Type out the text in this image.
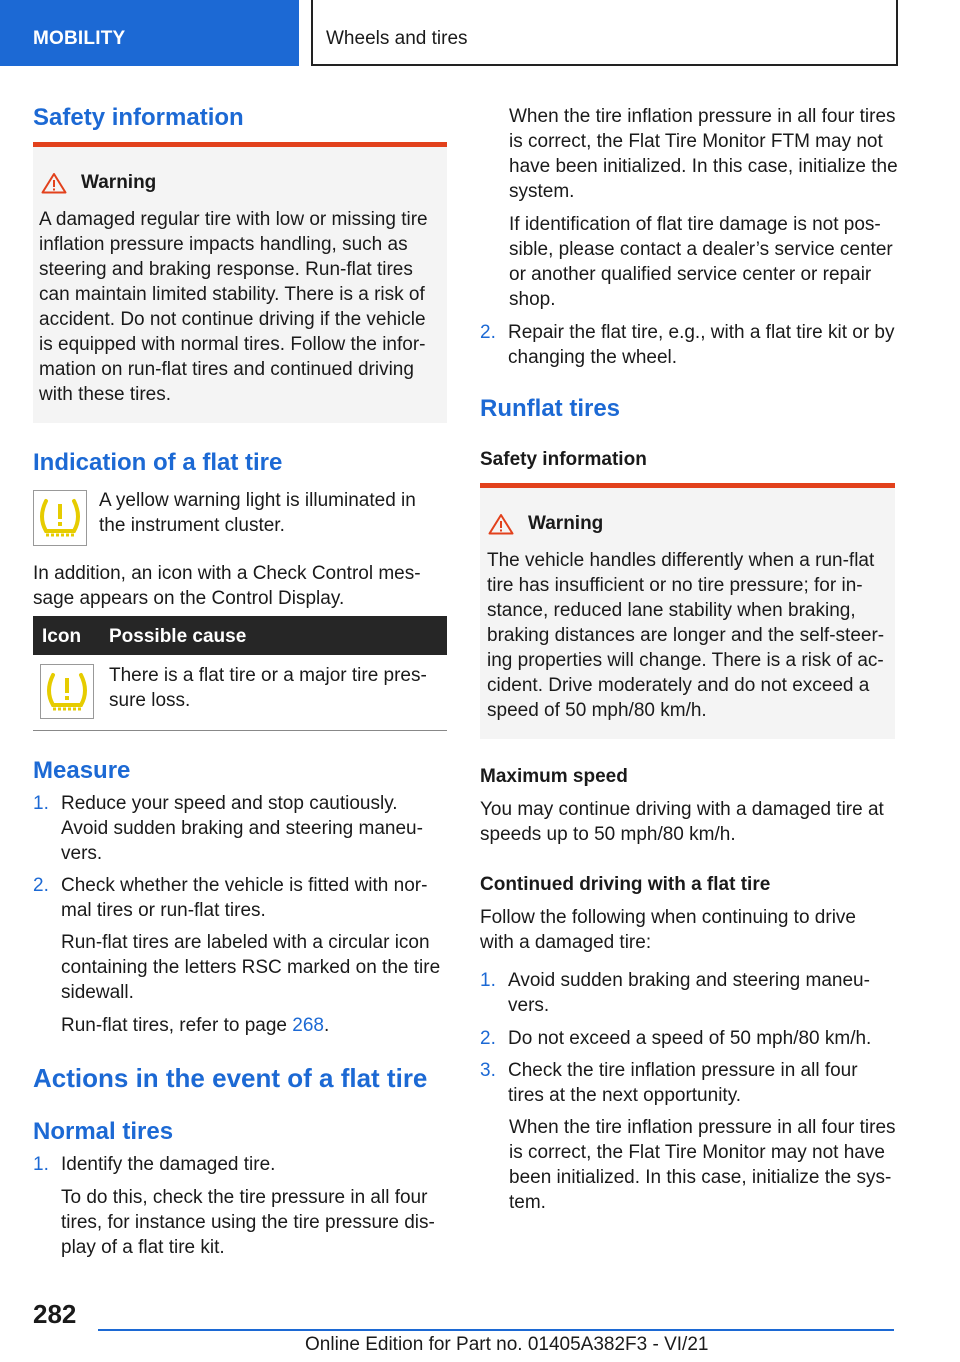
MOBILITY	Wheels and tires
Safety information
Warning
A damaged regular tire with low or missing tire
inflation pressure impacts handling, such as
steering and braking response. Run-flat tires
can maintain limited stability. There is a risk of
accident. Do not continue driving if the vehicle
is equipped with normal tires. Follow the infor-
mation on run-flat tires and continued driving
with these tires.
Indication of a flat tire
A yellow warning light is illuminated in
the instrument cluster.
In addition, an icon with a Check Control mes-
sage appears on the Control Display.
Icon Possible cause
There is a flat tire or a major tire pres-
sure loss.
Measure
1. Reduce your speed and stop cautiously.
Avoid sudden braking and steering maneu-
vers.
2. Check whether the vehicle is fitted with nor-
mal tires or run-flat tires.
Run-flat tires are labeled with a circular icon
containing the letters RSC marked on the tire
sidewall.
Run-flat tires, refer to page 268.
Actions in the event of a flat tire
Normal tires
1. Identify the damaged tire.
To do this, check the tire pressure in all four
tires, for instance using the tire pressure dis-
play of a flat tire kit.
When the tire inflation pressure in all four tires
is correct, the Flat Tire Monitor FTM may not
have been initialized. In this case, initialize the
system.
If identification of flat tire damage is not pos-
sible, please contact a dealer’s service center
or another qualified service center or repair
shop.
2. Repair the flat tire, e.g., with a flat tire kit or by
changing the wheel.
Runflat tires
Safety information
Warning
The vehicle handles differently when a run-flat
tire has insufficient or no tire pressure; for in-
stance, reduced lane stability when braking,
braking distances are longer and the self-steer-
ing properties will change. There is a risk of ac-
cident. Drive moderately and do not exceed a
speed of 50 mph/80 km/h.
Maximum speed
You may continue driving with a damaged tire at
speeds up to 50 mph/80 km/h.
Continued driving with a flat tire
Follow the following when continuing to drive
with a damaged tire:
1. Avoid sudden braking and steering maneu-
vers.
2. Do not exceed a speed of 50 mph/80 km/h.
3. Check the tire inflation pressure in all four
tires at the next opportunity.
When the tire inflation pressure in all four tires
is correct, the Flat Tire Monitor may not have
been initialized. In this case, initialize the sys-
tem.
282
Online Edition for Part no. 01405A382F3 - VI/21
